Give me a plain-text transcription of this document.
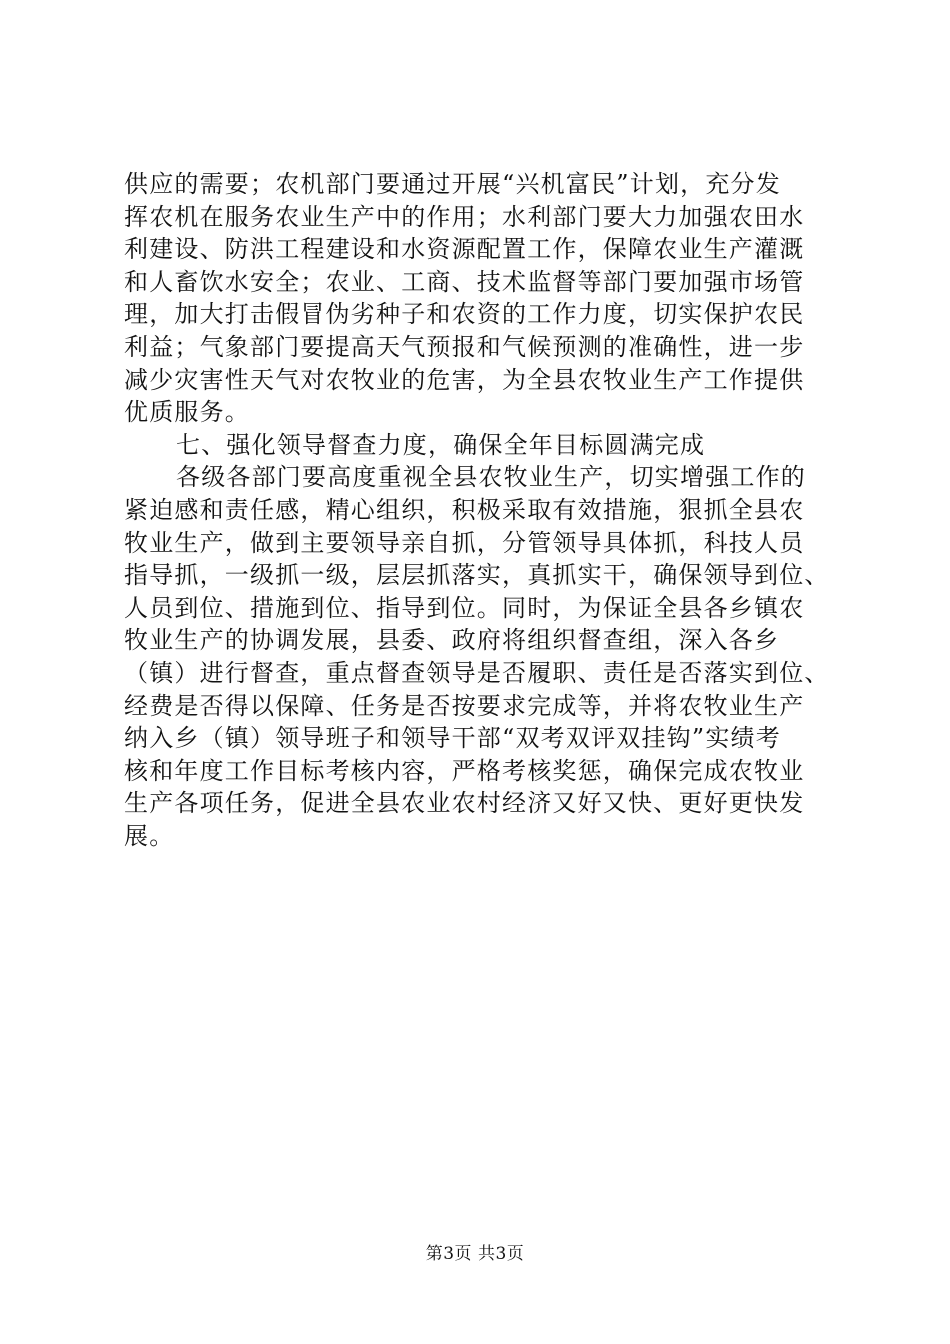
供应的需要；农机部门要通过开展“兴机富民”计划，充分发
挥农机在服务农业生产中的作用；水利部门要大力加强农田水
利建设、防洪工程建设和水资源配置工作，保障农业生产灌溉
和人畜饮水安全；农业、工商、技术监督等部门要加强市场管
理，加大打击假冒伪劣种子和农资的工作力度，切实保护农民
利益；气象部门要提高天气预报和气候预测的准确性，进一步
减少灾害性天气对农牧业的危害，为全县农牧业生产工作提供
优质服务。
七、强化领导督查力度，确保全年目标圆满完成
各级各部门要高度重视全县农牧业生产，切实增强工作的
紧迫感和责任感，精心组织，积极采取有效措施，狠抓全县农
牧业生产，做到主要领导亲自抓，分管领导具体抓，科技人员
指导抓，一级抓一级，层层抓落实，真抓实干，确保领导到位、
人员到位、措施到位、指导到位。同时，为保证全县各乡镇农
牧业生产的协调发展，县委、政府将组织督查组，深入各乡
（镇）进行督查，重点督查领导是否履职、责任是否落实到位、
经费是否得以保障、任务是否按要求完成等，并将农牧业生产
纳入乡（镇）领导班子和领导干部“双考双评双挂钩”实绩考
核和年度工作目标考核内容，严格考核奖惩，确保完成农牧业
生产各项任务，促进全县农业农村经济又好又快、更好更快发
展。
第3页 共3页
